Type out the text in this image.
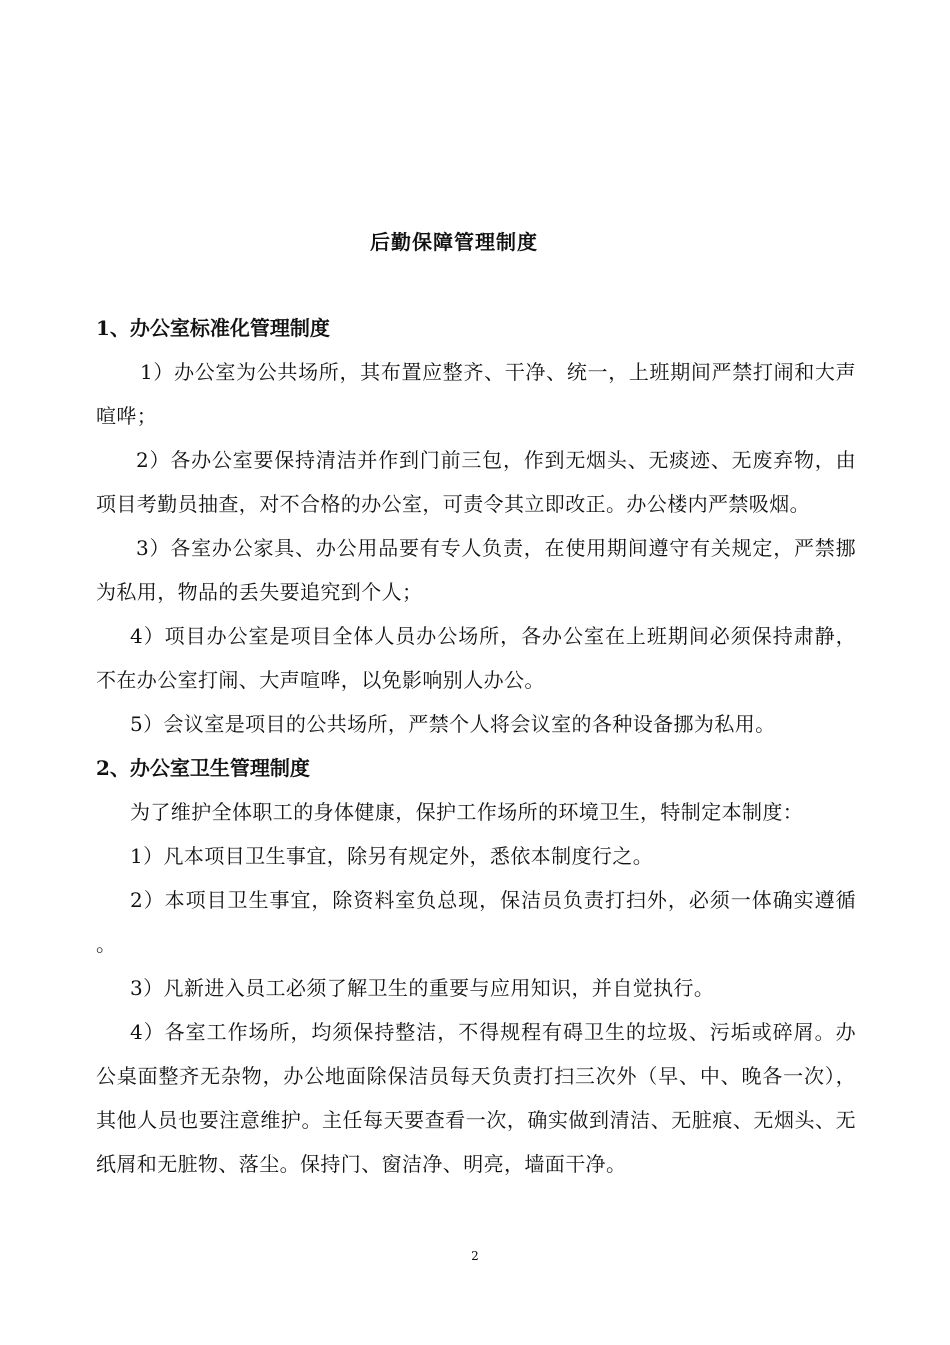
后勤保障管理制度

1、办公室标准化管理制度

1）办公室为公共场所，其布置应整齐、干净、统一，上班期间严禁打闹和大声喧哗；

2）各办公室要保持清洁并作到门前三包，作到无烟头、无痰迹、无废弃物，由项目考勤员抽查，对不合格的办公室，可责令其立即改正。办公楼内严禁吸烟。

3）各室办公家具、办公用品要有专人负责，在使用期间遵守有关规定，严禁挪为私用，物品的丢失要追究到个人；

4）项目办公室是项目全体人员办公场所，各办公室在上班期间必须保持肃静，不在办公室打闹、大声喧哗，以免影响别人办公。

5）会议室是项目的公共场所，严禁个人将会议室的各种设备挪为私用。

2、办公室卫生管理制度

为了维护全体职工的身体健康，保护工作场所的环境卫生，特制定本制度：

1）凡本项目卫生事宜，除另有规定外，悉依本制度行之。

2）本项目卫生事宜，除资料室负总现，保洁员负责打扫外，必须一体确实遵循。

3）凡新进入员工必须了解卫生的重要与应用知识，并自觉执行。

4）各室工作场所，均须保持整洁，不得规程有碍卫生的垃圾、污垢或碎屑。办公桌面整齐无杂物，办公地面除保洁员每天负责打扫三次外（早、中、晚各一次），其他人员也要注意维护。主任每天要查看一次，确实做到清洁、无脏痕、无烟头、无纸屑和无脏物、落尘。保持门、窗洁净、明亮，墙面干净。

2
